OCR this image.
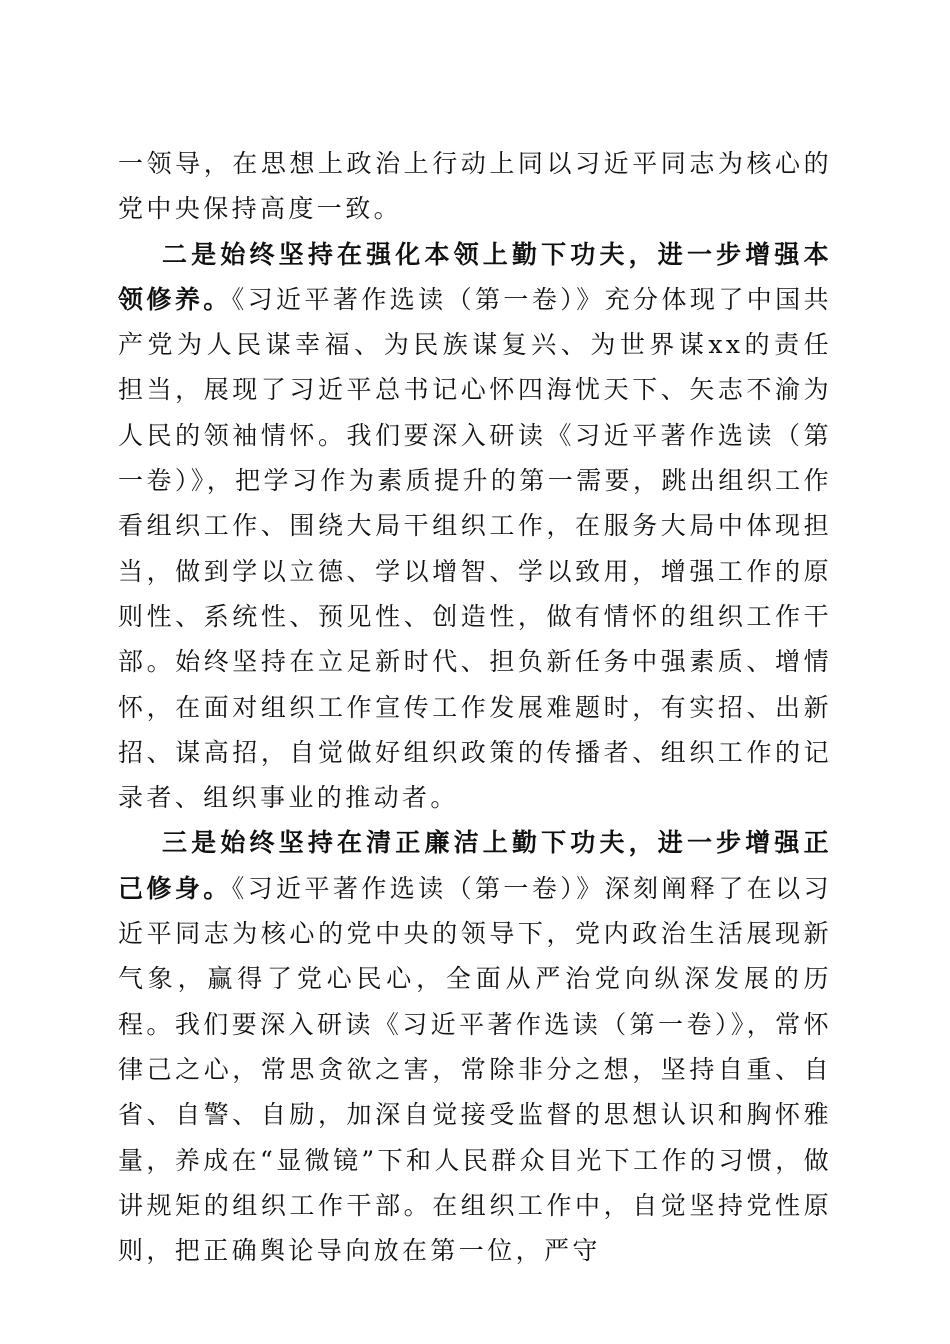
一领导，在思想上政治上行动上同以习近平同志为核心的党中央保持高度一致。

二是始终坚持在强化本领上勤下功夫，进一步增强本领修养。《习近平著作选读（第一卷）》充分体现了中国共产党为人民谋幸福、为民族谋复兴、为世界谋xx的责任担当，展现了习近平总书记心怀四海忧天下、矢志不渝为人民的领袖情怀。我们要深入研读《习近平著作选读（第一卷）》，把学习作为素质提升的第一需要，跳出组织工作看组织工作、围绕大局干组织工作，在服务大局中体现担当，做到学以立德、学以增智、学以致用，增强工作的原则性、系统性、预见性、创造性，做有情怀的组织工作干部。始终坚持在立足新时代、担负新任务中强素质、增情怀，在面对组织工作宣传工作发展难题时，有实招、出新招、谋高招，自觉做好组织政策的传播者、组织工作的记录者、组织事业的推动者。

三是始终坚持在清正廉洁上勤下功夫，进一步增强正己修身。《习近平著作选读（第一卷）》深刻阐释了在以习近平同志为核心的党中央的领导下，党内政治生活展现新气象，赢得了党心民心，全面从严治党向纵深发展的历程。我们要深入研读《习近平著作选读（第一卷）》，常怀律己之心，常思贪欲之害，常除非分之想，坚持自重、自省、自警、自励，加深自觉接受监督的思想认识和胸怀雅量，养成在“显微镜”下和人民群众目光下工作的习惯，做讲规矩的组织工作干部。在组织工作中，自觉坚持党性原则，把正确舆论导向放在第一位，严守
